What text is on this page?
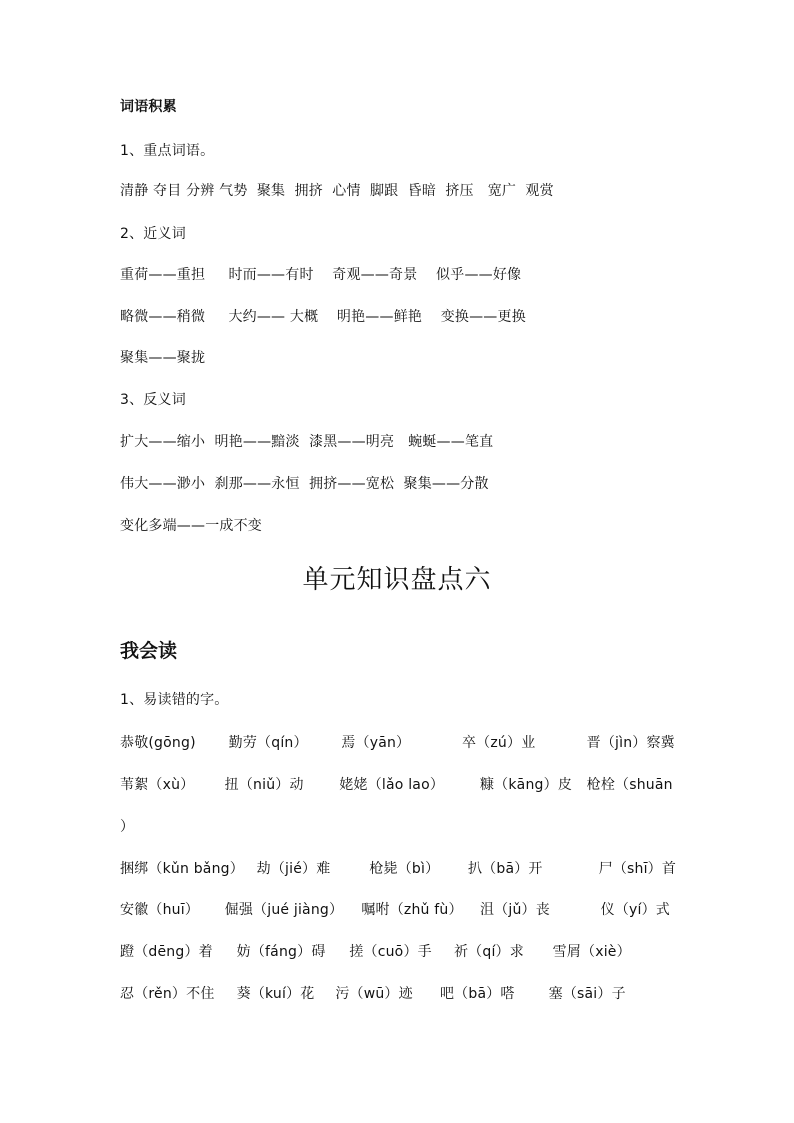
词语积累
1、重点词语。
清静 夺目 分辨 气势  聚集  拥挤  心情  脚跟  昏暗  挤压   宽广  观赏
2、近义词
重荷——重担     时而——有时    奇观——奇景    似乎——好像
略微——稍微     大约—— 大概    明艳——鲜艳    变换——更换
聚集——聚拢
3、反义词
扩大——缩小  明艳——黯淡  漆黑——明亮   蜿蜒——笔直
伟大——渺小  刹那——永恒  拥挤——宽松  聚集——分散
变化多端——一成不变
单元知识盘点六
我会读
1、易读错的字。
恭敬(gōng) 勤劳（qín） 焉（yān）	卒（zú）业	晋（jìn）察冀
苇絮（xù） 扭（niǔ）动	姥姥（lǎo lao）	糠（kāng）皮 枪栓（shuān
）
捆绑（kǔn bǎng） 劫（jié）难	枪毙（bì） 扒（bā）开	尸（shī）首
安徽（huī） 倔强（jué jiàng） 嘱咐（zhǔ fù） 沮（jǔ）丧	仪（yí）式
蹬（dēng）着 妨（fáng）碍 搓（cuō）手 祈（qí）求 雪屑（xiè）
忍（rěn）不住 葵（kuí）花 污（wū）迹 吧（bā）嗒 塞（sāi）子
